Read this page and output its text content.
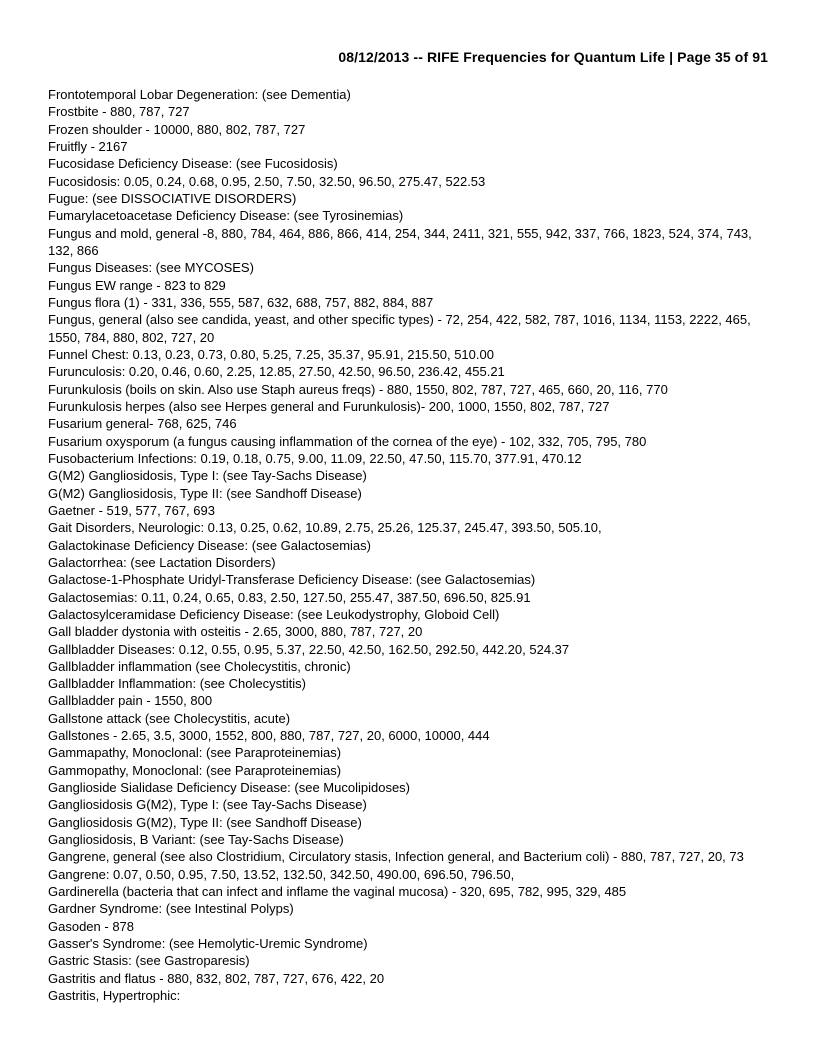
08/12/2013 -- RIFE Frequencies for Quantum Life | Page 35 of 91
Frontotemporal Lobar Degeneration: (see Dementia)
Frostbite - 880, 787, 727
Frozen shoulder - 10000, 880, 802, 787, 727
Fruitfly - 2167
Fucosidase Deficiency Disease: (see Fucosidosis)
Fucosidosis: 0.05, 0.24, 0.68, 0.95, 2.50, 7.50, 32.50, 96.50, 275.47, 522.53
Fugue: (see DISSOCIATIVE DISORDERS)
Fumarylacetoacetase Deficiency Disease: (see Tyrosinemias)
Fungus and mold, general -8, 880, 784, 464, 886, 866, 414, 254, 344, 2411, 321, 555, 942, 337, 766, 1823, 524, 374, 743, 132, 866
Fungus Diseases: (see MYCOSES)
Fungus EW range - 823 to 829
Fungus flora (1) - 331, 336, 555, 587, 632, 688, 757, 882, 884, 887
Fungus, general (also see candida, yeast, and other specific types) - 72, 254, 422, 582, 787, 1016, 1134, 1153, 2222, 465, 1550, 784, 880, 802, 727, 20
Funnel Chest: 0.13, 0.23, 0.73, 0.80, 5.25, 7.25, 35.37, 95.91, 215.50, 510.00
Furunculosis: 0.20, 0.46, 0.60, 2.25, 12.85, 27.50, 42.50, 96.50, 236.42, 455.21
Furunkulosis (boils on skin. Also use Staph aureus freqs) - 880, 1550, 802, 787, 727, 465, 660, 20, 116, 770
Furunkulosis herpes (also see Herpes general and Furunkulosis)- 200, 1000, 1550, 802, 787, 727
Fusarium general- 768, 625, 746
Fusarium oxysporum (a fungus causing inflammation of the cornea of the eye) - 102, 332, 705, 795, 780
Fusobacterium Infections: 0.19, 0.18, 0.75, 9.00, 11.09, 22.50, 47.50, 115.70, 377.91, 470.12
G(M2) Gangliosidosis, Type I: (see Tay-Sachs Disease)
G(M2) Gangliosidosis, Type II: (see Sandhoff Disease)
Gaetner - 519, 577, 767, 693
Gait Disorders, Neurologic: 0.13, 0.25, 0.62, 10.89, 2.75, 25.26, 125.37, 245.47, 393.50, 505.10,
Galactokinase Deficiency Disease: (see Galactosemias)
Galactorrhea: (see Lactation Disorders)
Galactose-1-Phosphate Uridyl-Transferase Deficiency Disease: (see Galactosemias)
Galactosemias: 0.11, 0.24, 0.65, 0.83, 2.50, 127.50, 255.47, 387.50, 696.50, 825.91
Galactosylceramidase Deficiency Disease: (see Leukodystrophy, Globoid Cell)
Gall bladder dystonia with osteitis - 2.65, 3000, 880, 787, 727, 20
Gallbladder Diseases: 0.12, 0.55, 0.95, 5.37, 22.50, 42.50, 162.50, 292.50, 442.20, 524.37
Gallbladder inflammation (see Cholecystitis, chronic)
Gallbladder Inflammation: (see Cholecystitis)
Gallbladder pain - 1550, 800
Gallstone attack (see Cholecystitis, acute)
Gallstones - 2.65, 3.5, 3000, 1552, 800, 880, 787, 727, 20, 6000, 10000, 444
Gammapathy, Monoclonal: (see Paraproteinemias)
Gammopathy, Monoclonal: (see Paraproteinemias)
Ganglioside Sialidase Deficiency Disease: (see Mucolipidoses)
Gangliosidosis G(M2), Type I: (see Tay-Sachs Disease)
Gangliosidosis G(M2), Type II: (see Sandhoff Disease)
Gangliosidosis, B Variant: (see Tay-Sachs Disease)
Gangrene, general (see also Clostridium, Circulatory stasis, Infection general, and Bacterium coli) - 880, 787, 727, 20, 73
Gangrene: 0.07, 0.50, 0.95, 7.50, 13.52, 132.50, 342.50, 490.00, 696.50, 796.50,
Gardinerella (bacteria that can infect and inflame the vaginal mucosa) - 320, 695, 782, 995, 329, 485
Gardner Syndrome: (see Intestinal Polyps)
Gasoden - 878
Gasser's Syndrome: (see Hemolytic-Uremic Syndrome)
Gastric Stasis: (see Gastroparesis)
Gastritis and flatus - 880, 832, 802, 787, 727, 676, 422, 20
Gastritis, Hypertrophic:
